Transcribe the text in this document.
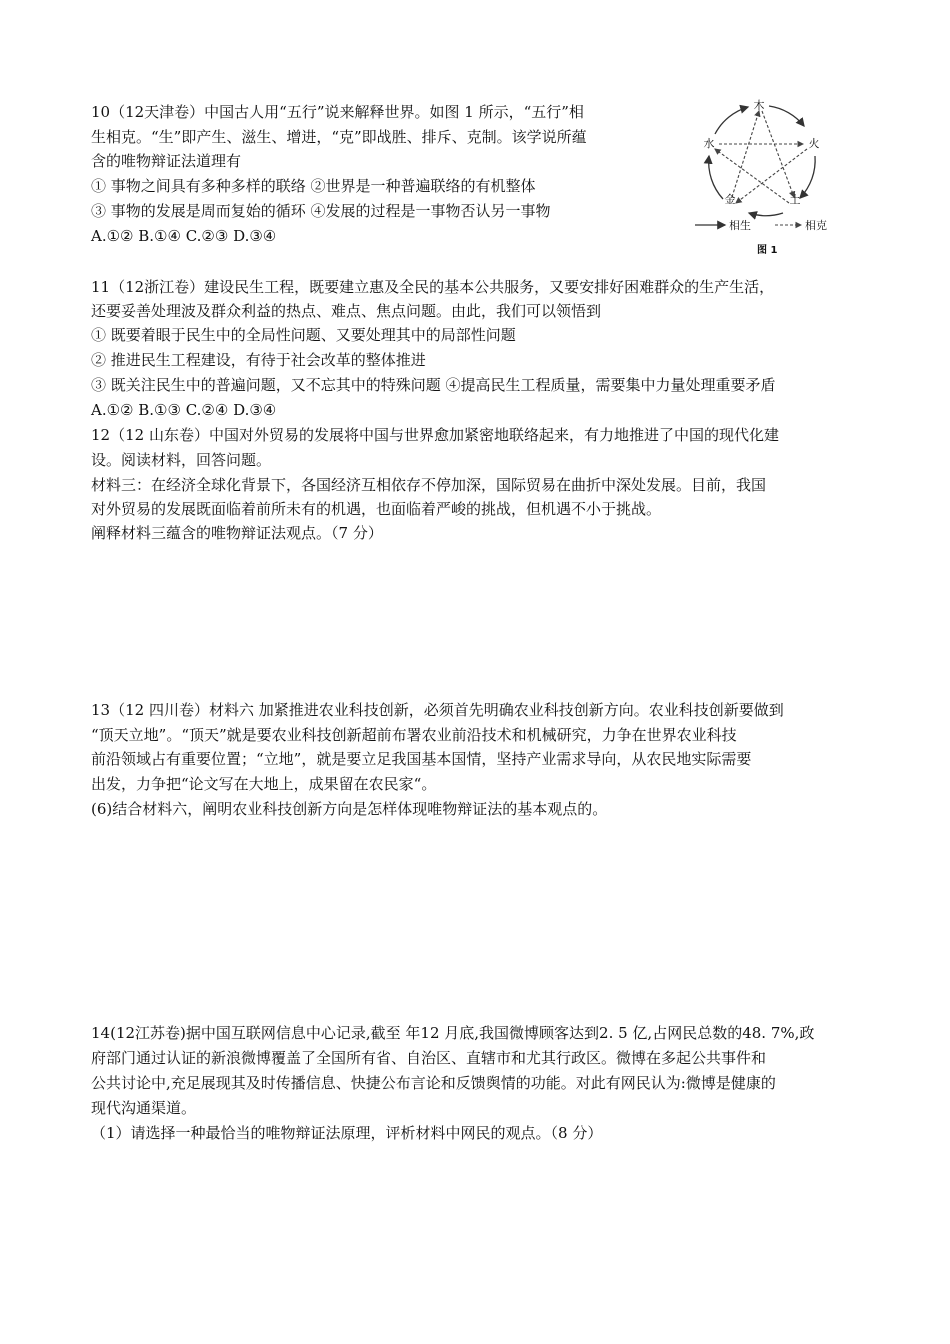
10（12天津卷）中国古人用“五行”说来解释世界。如图 1 所示，“五行”相
生相克。“生”即产生、滋生、增进，“克”即战胜、排斥、克制。该学说所蕴
含的唯物辩证法道理有
① 事物之间具有多种多样的联络 ②世界是一种普遍联络的有机整体
③ 事物的发展是周而复始的循环 ④发展的过程是一事物否认另一事物
A.①② B.①④ C.②③ D.③④
木
火
土
金
水
相生	相克
图 1
11（12浙江卷）建设民生工程，既要建立惠及全民的基本公共服务，又要安排好困难群众的生产生活，
还要妥善处理波及群众利益的热点、难点、焦点问题。由此，我们可以领悟到
① 既要着眼于民生中的全局性问题、又要处理其中的局部性问题
② 推进民生工程建设，有待于社会改革的整体推进
③ 既关注民生中的普遍问题，又不忘其中的特殊问题 ④提高民生工程质量，需要集中力量处理重要矛盾
A.①② B.①③ C.②④ D.③④
12（12 山东卷）中国对外贸易的发展将中国与世界愈加紧密地联络起来，有力地推进了中国的现代化建
设。阅读材料，回答问题。
材料三：在经济全球化背景下，各国经济互相依存不停加深，国际贸易在曲折中深处发展。目前，我国
对外贸易的发展既面临着前所未有的机遇，也面临着严峻的挑战，但机遇不小于挑战。
阐释材料三蕴含的唯物辩证法观点。（7 分）
13（12 四川卷）材料六 加紧推进农业科技创新，必须首先明确农业科技创新方向。农业科技创新要做到
“顶天立地”。“顶天”就是要农业科技创新超前布署农业前沿技术和机械研究，力争在世界农业科技
前沿领域占有重要位置；“立地”，就是要立足我国基本国情，坚持产业需求导向，从农民地实际需要
出发，力争把“论文写在大地上，成果留在农民家“。
(6)结合材料六，阐明农业科技创新方向是怎样体现唯物辩证法的基本观点的。
14(12江苏卷)据中国互联网信息中心记录,截至 年12 月底,我国微博顾客达到2. 5 亿,占网民总数的48. 7%,政
府部门通过认证的新浪微博覆盖了全国所有省、自治区、直辖市和尤其行政区。微博在多起公共事件和
公共讨论中,充足展现其及时传播信息、快捷公布言论和反馈舆情的功能。对此有网民认为:微博是健康的
现代沟通渠道。
（1）请选择一种最恰当的唯物辩证法原理，评析材料中网民的观点。（8 分）
